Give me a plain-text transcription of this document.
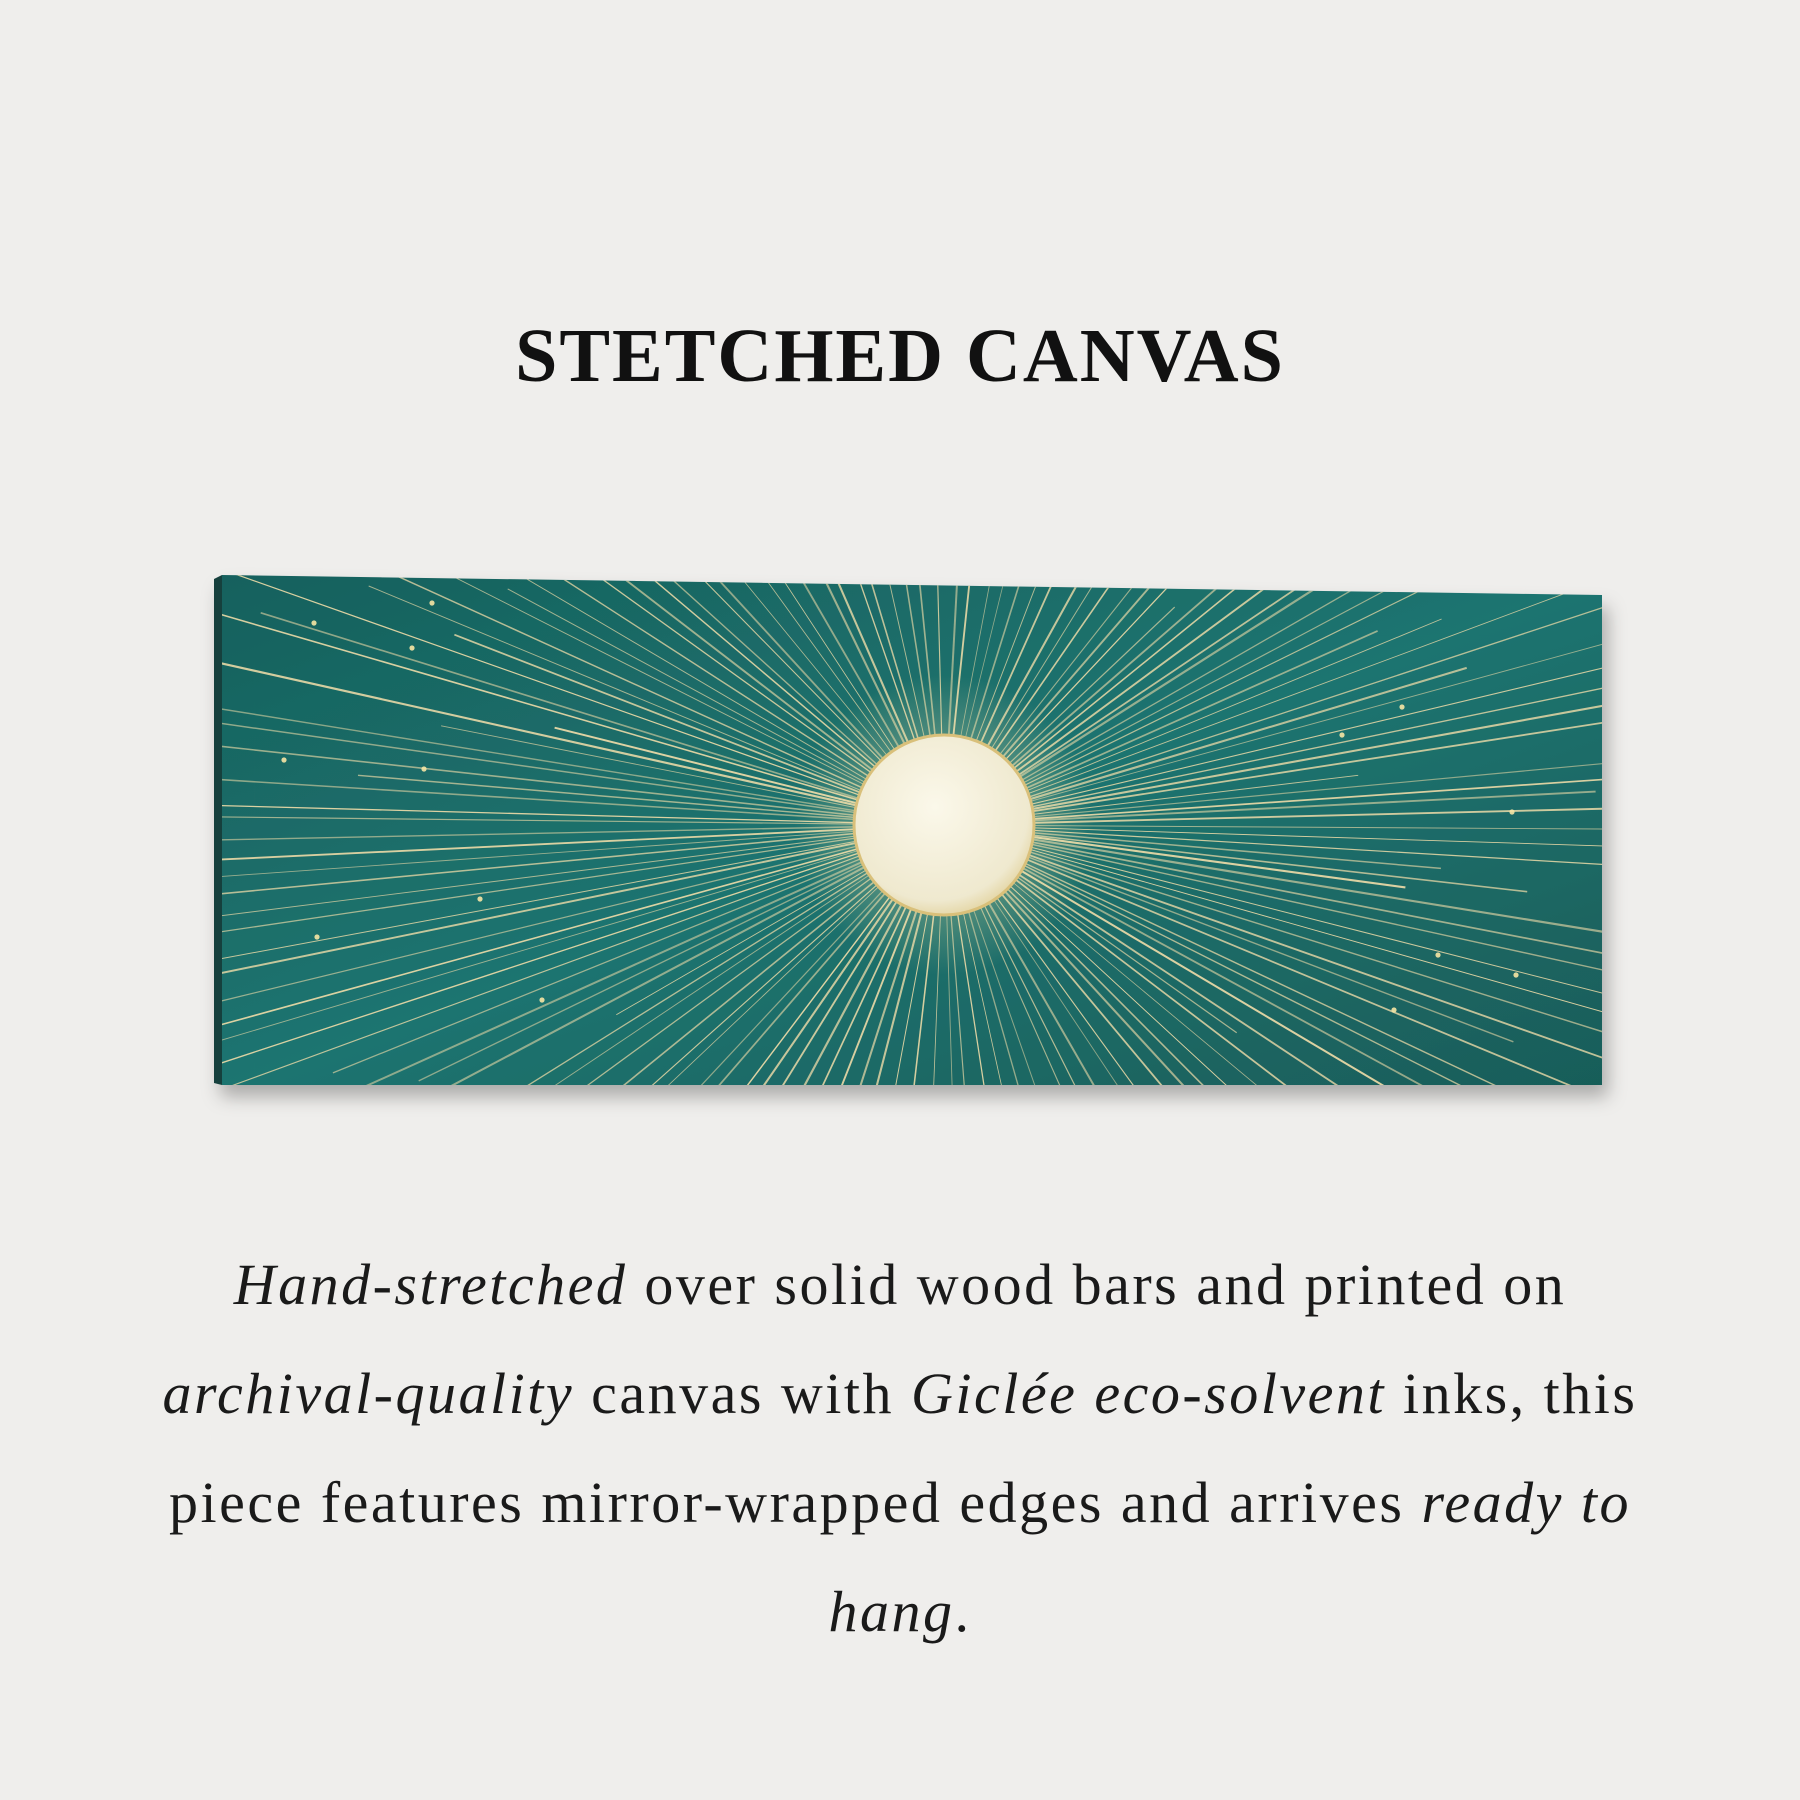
STETCHED CANVAS
Hand-stretched over solid wood bars and printed on archival-quality canvas with Giclée eco-solvent inks, this piece features mirror-wrapped edges and arrives ready to hang.
